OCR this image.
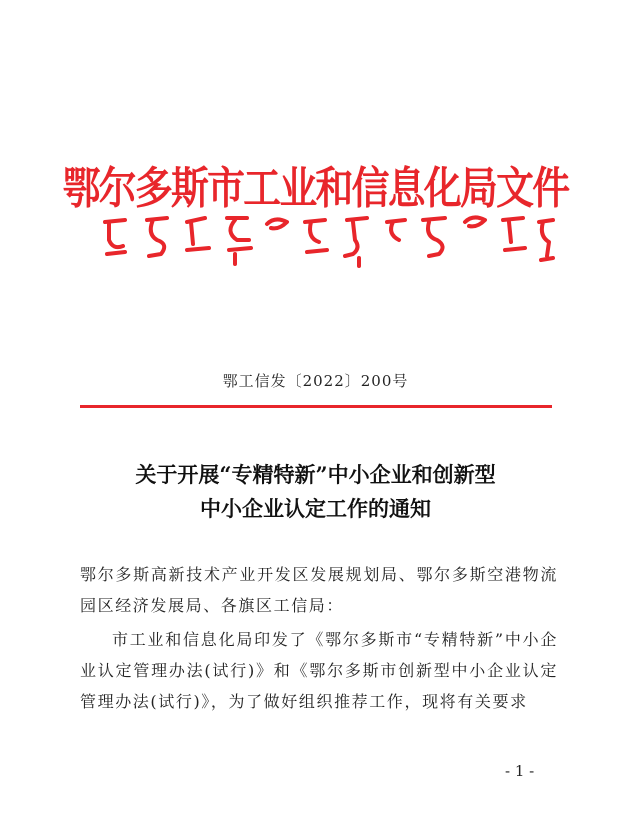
鄂尔多斯市工业和信息化局文件
鄂工信发〔2022〕200号
关于开展“专精特新”中小企业和创新型
中小企业认定工作的通知

鄂尔多斯高新技术产业开发区发展规划局、鄂尔多斯空港物流园区经济发展局、各旗区工信局：

市工业和信息化局印发了《鄂尔多斯市“专精特新”中小企业认定管理办法(试行)》和《鄂尔多斯市创新型中小企业认定管理办法(试行)》，为了做好组织推荐工作，现将有关要求

- 1 -
